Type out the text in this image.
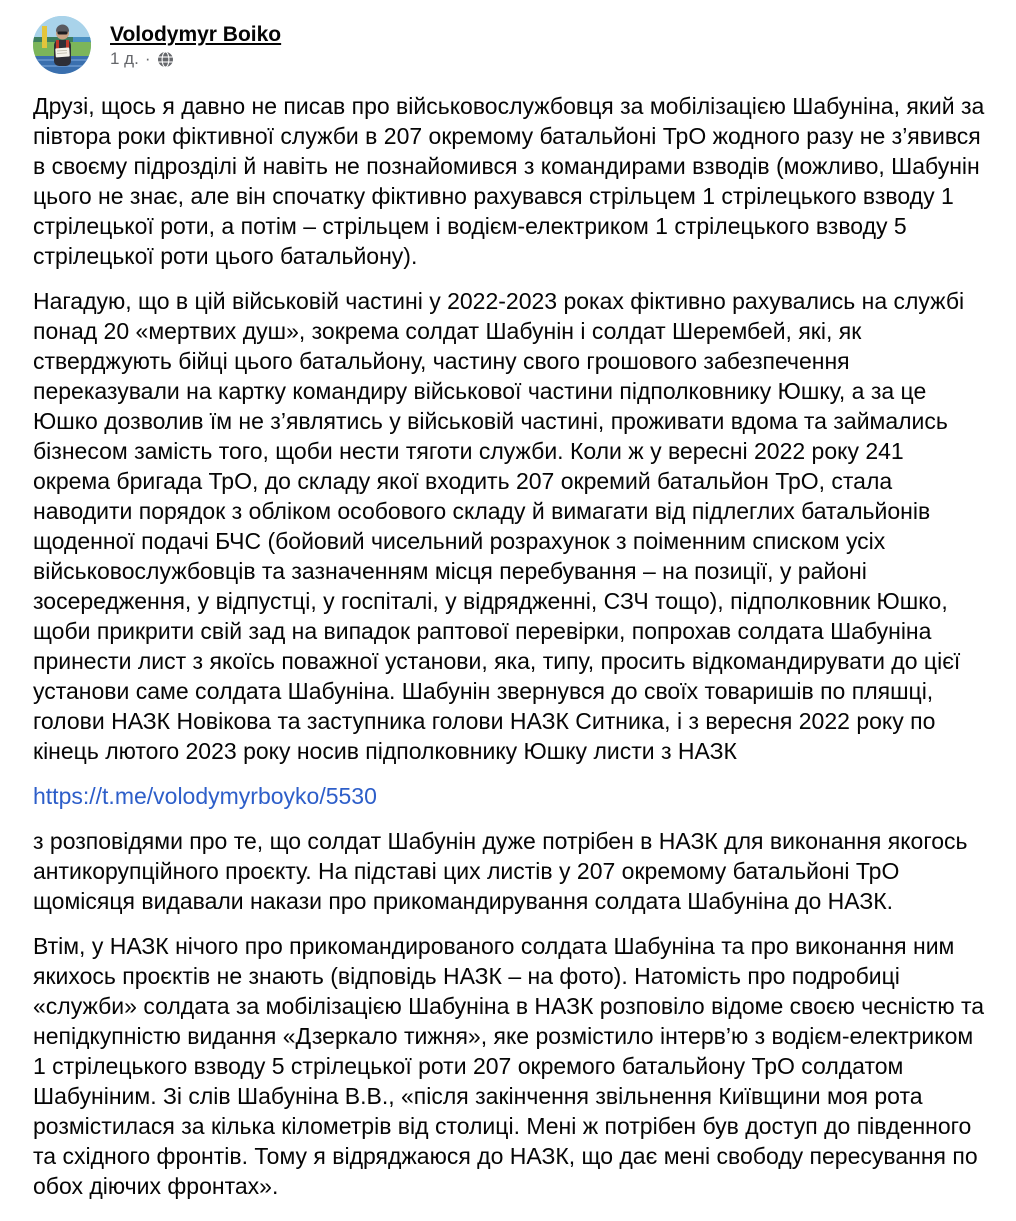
Volodymyr Boiko
1 д. ·

Друзі, щось я давно не писав про військовослужбовця за мобілізацією Шабуніна, який за півтора роки фіктивної служби в 207 окремому батальйоні ТрО жодного разу не з’явився в своєму підрозділі й навіть не познайомився з командирами взводів (можливо, Шабунін цього не знає, але він спочатку фіктивно рахувався стрільцем 1 стрілецького взводу 1 стрілецької роти, а потім – стрільцем і водієм-електриком 1 стрілецького взводу 5 стрілецької роти цього батальйону).

Нагадую, що в цій військовій частині у 2022-2023 роках фіктивно рахувались на службі понад 20 «мертвих душ», зокрема солдат Шабунін і солдат Шерембей, які, як стверджують бійці цього батальйону, частину свого грошового забезпечення переказували на картку командиру військової частини підполковнику Юшку, а за це Юшко дозволив їм не з’являтись у військовій частині, проживати вдома та займались бізнесом замість того, щоби нести тяготи служби. Коли ж у вересні 2022 року 241 окрема бригада ТрО, до складу якої входить 207 окремий батальйон ТрО, стала наводити порядок з обліком особового складу й вимагати від підлеглих батальйонів щоденної подачі БЧС (бойовий чисельний розрахунок з поіменним списком усіх військовослужбовців та зазначенням місця перебування – на позиції, у районі зосередження, у відпустці, у госпіталі, у відрядженні, СЗЧ тощо), підполковник Юшко, щоби прикрити свій зад на випадок раптової перевірки, попрохав солдата Шабуніна принести лист з якоїсь поважної установи, яка, типу, просить відкомандирувати до цієї установи саме солдата Шабуніна. Шабунін звернувся до своїх товаришів по пляшці, голови НАЗК Новікова та заступника голови НАЗК Ситника, і з вересня 2022 року по кінець лютого 2023 року носив підполковнику Юшку листи з НАЗК

https://t.me/volodymyrboyko/5530

з розповідями про те, що солдат Шабунін дуже потрібен в НАЗК для виконання якогось антикорупційного проєкту. На підставі цих листів у 207 окремому батальйоні ТрО щомісяця видавали накази про прикомандирування солдата Шабуніна до НАЗК.

Втім, у НАЗК нічого про прикомандированого солдата Шабуніна та про виконання ним якихось проєктів не знають (відповідь НАЗК – на фото). Натомість про подробиці «служби» солдата за мобілізацією Шабуніна в НАЗК розповіло відоме своєю чесністю та непідкупністю видання «Дзеркало тижня», яке розмістило інтерв’ю з водієм-електриком 1 стрілецького взводу 5 стрілецької роти 207 окремого батальйону ТрО солдатом Шабуніним. Зі слів Шабуніна В.В., «після закінчення звільнення Київщини моя рота розмістилася за кілька кілометрів від столиці. Мені ж потрібен був доступ до південного та східного фронтів. Тому я відряджаюся до НАЗК, що дає мені свободу пересування по обох діючих фронтах».
